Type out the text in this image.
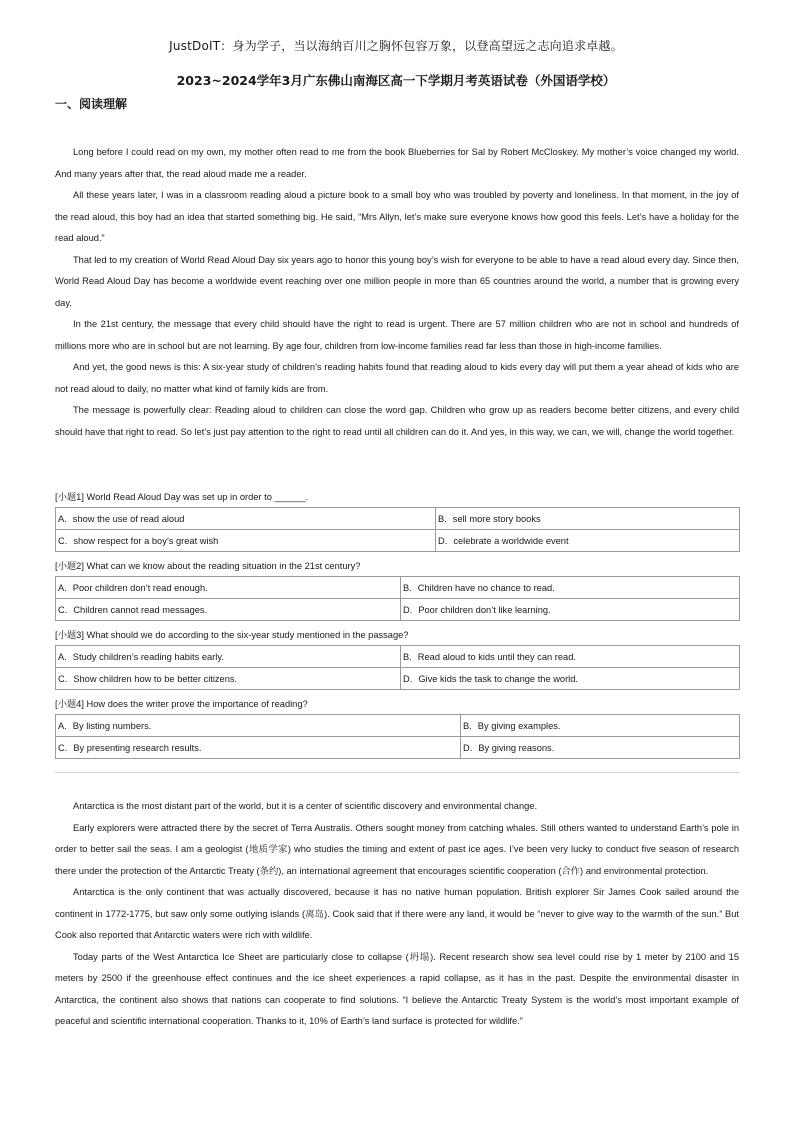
JustDoIT：身为学子，当以海纳百川之胸怀包容万象，以登高望远之志向追求卓越。
2023~2024学年3月广东佛山南海区高一下学期月考英语试卷（外国语学校）
一、阅读理解

Long before I could read on my own, my mother often read to me from the book Blueberries for Sal by Robert McCloskey. My mother’s voice changed my world. And many years after that, the read aloud made me a reader.

All these years later, I was in a classroom reading aloud a picture book to a small boy who was troubled by poverty and loneliness. In that moment, in the joy of the read aloud, this boy had an idea that started something big. He said, “Mrs Allyn, let’s make sure everyone knows how good this feels. Let’s have a holiday for the read aloud.”

That led to my creation of World Read Aloud Day six years ago to honor this young boy’s wish for everyone to be able to have a read aloud every day. Since then, World Read Aloud Day has become a worldwide event reaching over one million people in more than 65 countries around the world, a number that is growing every day.

In the 21st century, the message that every child should have the right to read is urgent. There are 57 million children who are not in school and hundreds of millions more who are in school but are not learning. By age four, children from low-income families read far less than those in high-income families.

And yet, the good news is this: A six-year study of children’s reading habits found that reading aloud to kids every day will put them a year ahead of kids who are not read aloud to daily, no matter what kind of family kids are from.

The message is powerfully clear: Reading aloud to children can close the word gap. Children who grow up as readers become better citizens, and every child should have that right to read. So let’s just pay attention to the right to read until all children can do it. And yes, in this way, we can, we will, change the world together.

[小题1] World Read Aloud Day was set up in order to ______.
A. show the use of read aloud	B. sell more story books
C. show respect for a boy’s great wish	D. celebrate a worldwide event
[小题2] What can we know about the reading situation in the 21st century?
A. Poor children don’t read enough.	B. Children have no chance to read.
C. Children cannot read messages.	D. Poor children don’t like learning.
[小题3] What should we do according to the six-year study mentioned in the passage?
A. Study children’s reading habits early.	B. Read aloud to kids until they can read.
C. Show children how to be better citizens.	D. Give kids the task to change the world.
[小题4] How does the writer prove the importance of reading?
A. By listing numbers.	B. By giving examples.
C. By presenting research results.	D. By giving reasons.

Antarctica is the most distant part of the world, but it is a center of scientific discovery and environmental change.

Early explorers were attracted there by the secret of Terra Australis. Others sought money from catching whales. Still others wanted to understand Earth’s pole in order to better sail the seas. I am a geologist (地质学家) who studies the timing and extent of past ice ages. I’ve been very lucky to conduct five season of research there under the protection of the Antarctic Treaty (条约), an international agreement that encourages scientific cooperation (合作) and environmental protection.

Antarctica is the only continent that was actually discovered, because it has no native human population. British explorer Sir James Cook sailed around the continent in 1772-1775, but saw only some outlying islands (离岛). Cook said that if there were any land, it would be “never to give way to the warmth of the sun.” But Cook also reported that Antarctic waters were rich with wildlife.

Today parts of the West Antarctica Ice Sheet are particularly close to collapse (坍塌). Recent research show sea level could rise by 1 meter by 2100 and 15 meters by 2500 if the greenhouse effect continues and the ice sheet experiences a rapid collapse, as it has in the past. Despite the environmental disaster in Antarctica, the continent also shows that nations can cooperate to find solutions. “I believe the Antarctic Treaty System is the world’s most important example of peaceful and scientific international cooperation. Thanks to it, 10% of Earth’s land surface is protected for wildlife.”
